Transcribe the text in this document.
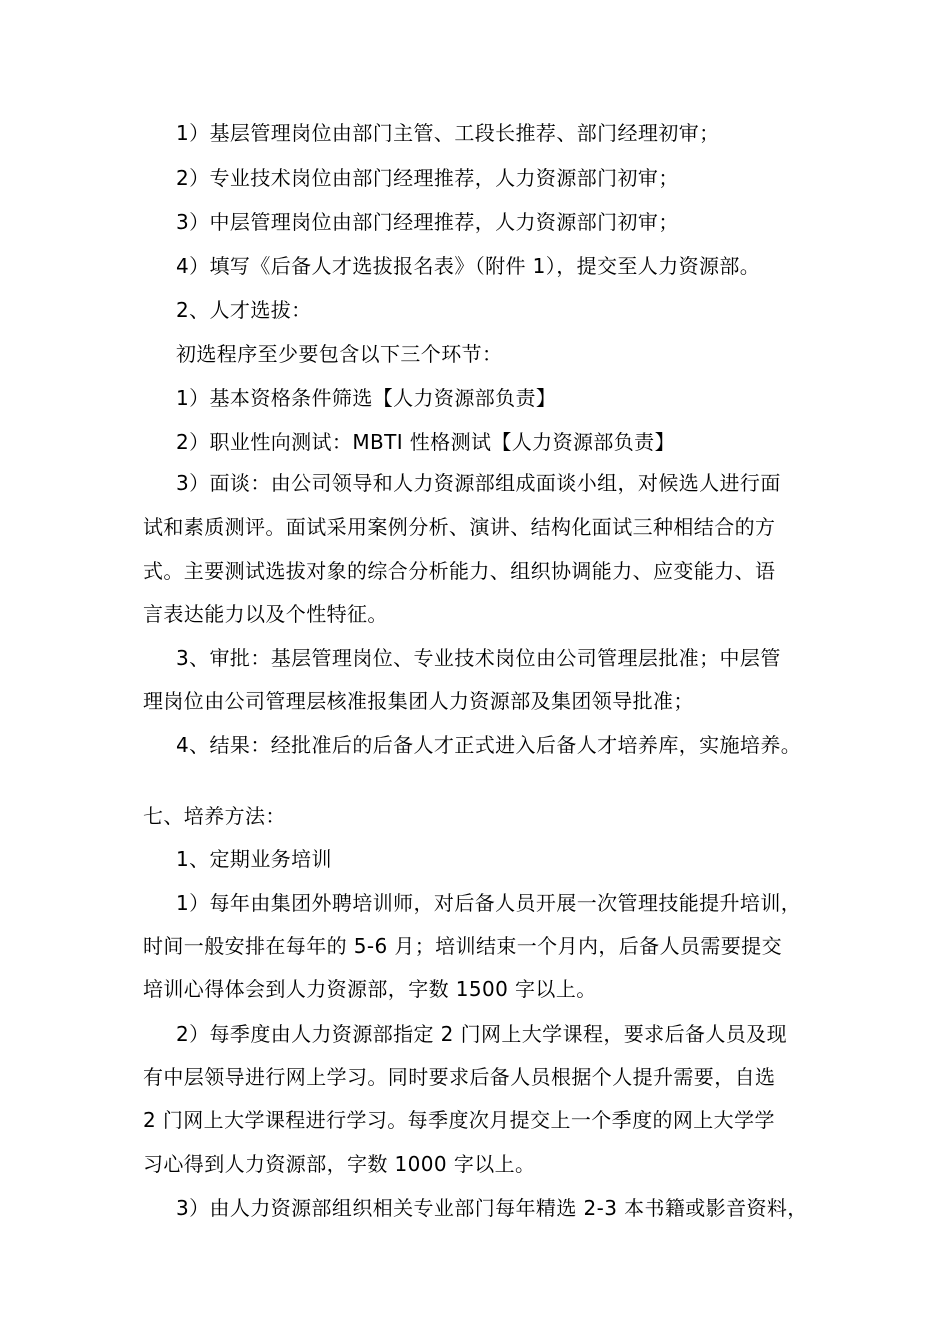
1）基层管理岗位由部门主管、工段长推荐、部门经理初审；
2）专业技术岗位由部门经理推荐，人力资源部门初审；
3）中层管理岗位由部门经理推荐，人力资源部门初审；
4）填写《后备人才选拔报名表》（附件 1），提交至人力资源部。
2、人才选拔：
初选程序至少要包含以下三个环节：
1）基本资格条件筛选【人力资源部负责】
2）职业性向测试：MBTI 性格测试【人力资源部负责】
3）面谈：由公司领导和人力资源部组成面谈小组，对候选人进行面
试和素质测评。面试采用案例分析、演讲、结构化面试三种相结合的方
式。主要测试选拔对象的综合分析能力、组织协调能力、应变能力、语
言表达能力以及个性特征。
3、审批：基层管理岗位、专业技术岗位由公司管理层批准；中层管
理岗位由公司管理层核准报集团人力资源部及集团领导批准；
4、结果：经批准后的后备人才正式进入后备人才培养库，实施培养。
七、培养方法：
1、定期业务培训
1）每年由集团外聘培训师，对后备人员开展一次管理技能提升培训，
时间一般安排在每年的 5-6 月；培训结束一个月内，后备人员需要提交
培训心得体会到人力资源部，字数 1500 字以上。
2）每季度由人力资源部指定 2 门网上大学课程，要求后备人员及现
有中层领导进行网上学习。同时要求后备人员根据个人提升需要，自选
2 门网上大学课程进行学习。每季度次月提交上一个季度的网上大学学
习心得到人力资源部，字数 1000 字以上。
3）由人力资源部组织相关专业部门每年精选 2-3 本书籍或影音资料，
